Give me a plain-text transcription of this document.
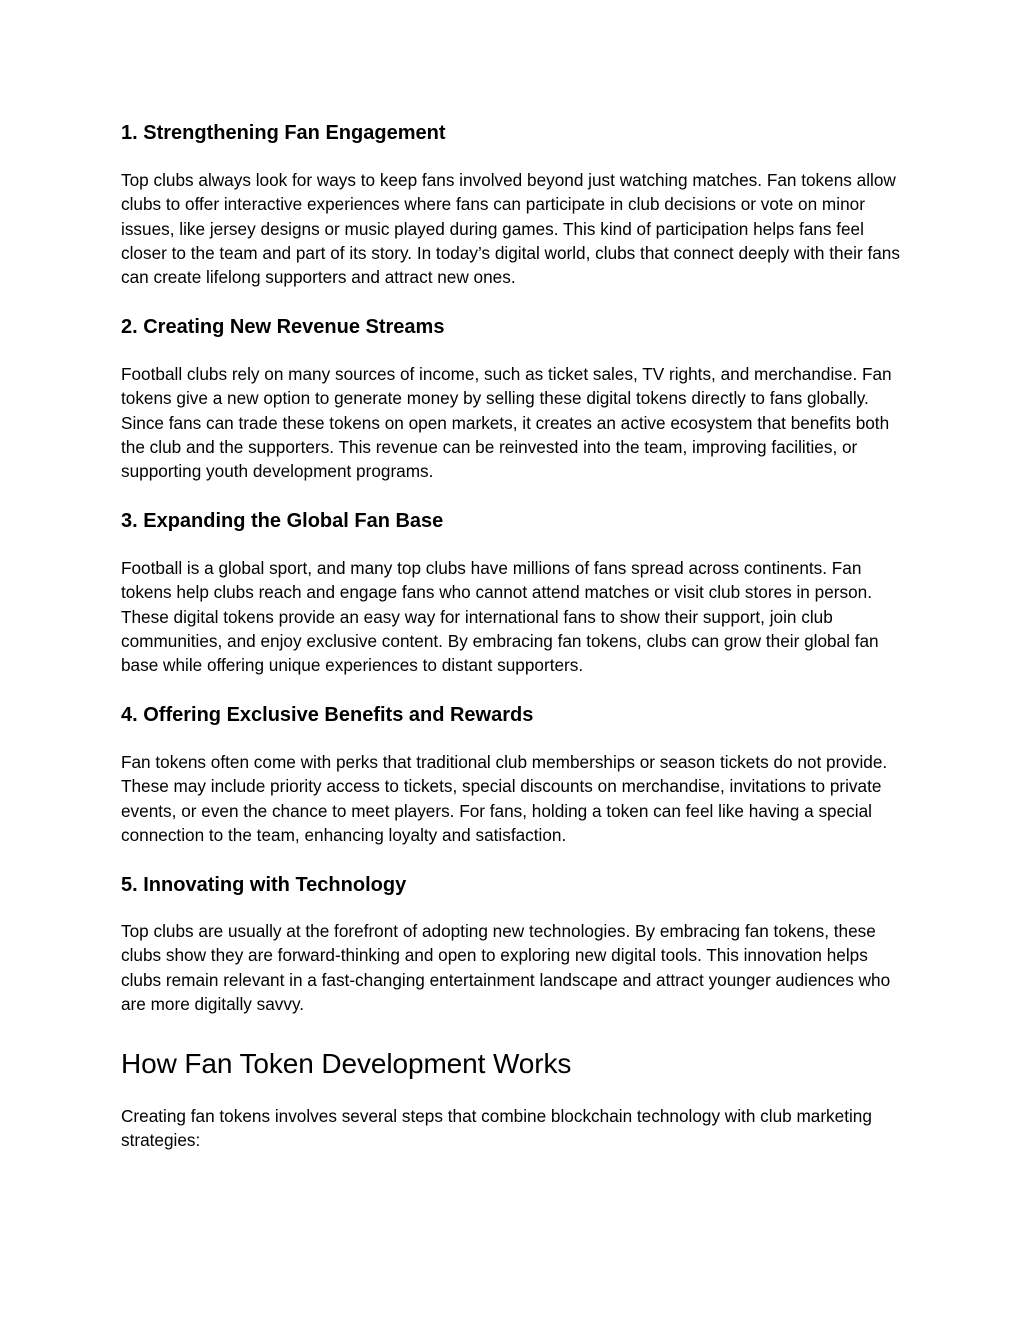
1. Strengthening Fan Engagement

Top clubs always look for ways to keep fans involved beyond just watching matches. Fan tokens allow clubs to offer interactive experiences where fans can participate in club decisions or vote on minor issues, like jersey designs or music played during games. This kind of participation helps fans feel closer to the team and part of its story. In today’s digital world, clubs that connect deeply with their fans can create lifelong supporters and attract new ones.

2. Creating New Revenue Streams

Football clubs rely on many sources of income, such as ticket sales, TV rights, and merchandise. Fan tokens give a new option to generate money by selling these digital tokens directly to fans globally. Since fans can trade these tokens on open markets, it creates an active ecosystem that benefits both the club and the supporters. This revenue can be reinvested into the team, improving facilities, or supporting youth development programs.

3. Expanding the Global Fan Base

Football is a global sport, and many top clubs have millions of fans spread across continents. Fan tokens help clubs reach and engage fans who cannot attend matches or visit club stores in person. These digital tokens provide an easy way for international fans to show their support, join club communities, and enjoy exclusive content. By embracing fan tokens, clubs can grow their global fan base while offering unique experiences to distant supporters.

4. Offering Exclusive Benefits and Rewards

Fan tokens often come with perks that traditional club memberships or season tickets do not provide. These may include priority access to tickets, special discounts on merchandise, invitations to private events, or even the chance to meet players. For fans, holding a token can feel like having a special connection to the team, enhancing loyalty and satisfaction.

5. Innovating with Technology

Top clubs are usually at the forefront of adopting new technologies. By embracing fan tokens, these clubs show they are forward-thinking and open to exploring new digital tools. This innovation helps clubs remain relevant in a fast-changing entertainment landscape and attract younger audiences who are more digitally savvy.

How Fan Token Development Works

Creating fan tokens involves several steps that combine blockchain technology with club marketing strategies:
